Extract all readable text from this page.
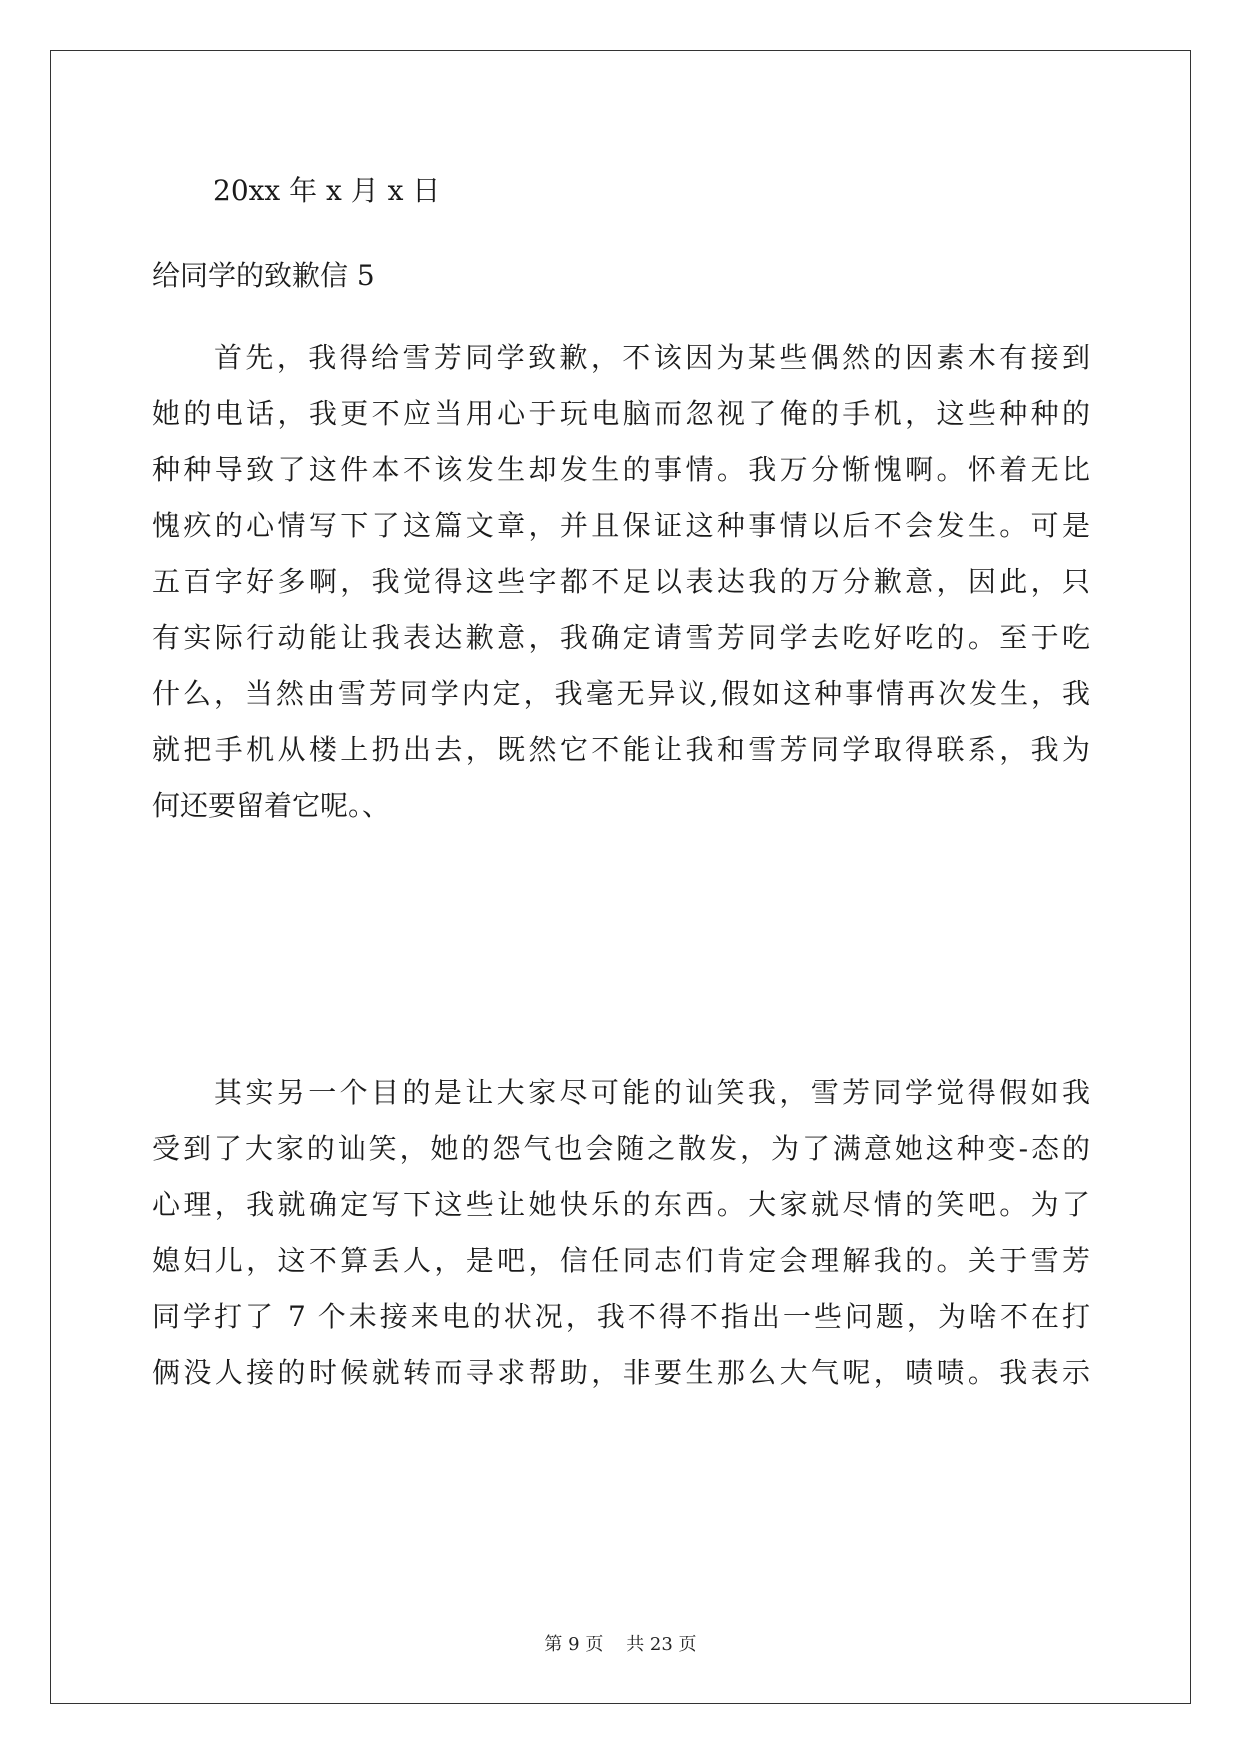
20xx 年 x 月 x 日
给同学的致歉信 5
首先，我得给雪芳同学致歉，不该因为某些偶然的因素木有接到
她的电话，我更不应当用心于玩电脑而忽视了俺的手机，这些种种的
种种导致了这件本不该发生却发生的事情。我万分惭愧啊。怀着无比
愧疚的心情写下了这篇文章，并且保证这种事情以后不会发生。可是
五百字好多啊，我觉得这些字都不足以表达我的万分歉意，因此，只
有实际行动能让我表达歉意，我确定请雪芳同学去吃好吃的。至于吃
什么，当然由雪芳同学内定，我毫无异议,假如这种事情再次发生，我
就把手机从楼上扔出去，既然它不能让我和雪芳同学取得联系，我为
何还要留着它呢。、
其实另一个目的是让大家尽可能的讪笑我，雪芳同学觉得假如我
受到了大家的讪笑，她的怨气也会随之散发，为了满意她这种变-态的
心理，我就确定写下这些让她快乐的东西。大家就尽情的笑吧。为了
媳妇儿，这不算丢人，是吧，信任同志们肯定会理解我的。关于雪芳
同学打了 7 个未接来电的状况，我不得不指出一些问题，为啥不在打
俩没人接的时候就转而寻求帮助，非要生那么大气呢，啧啧。我表示
第 9 页    共 23 页
